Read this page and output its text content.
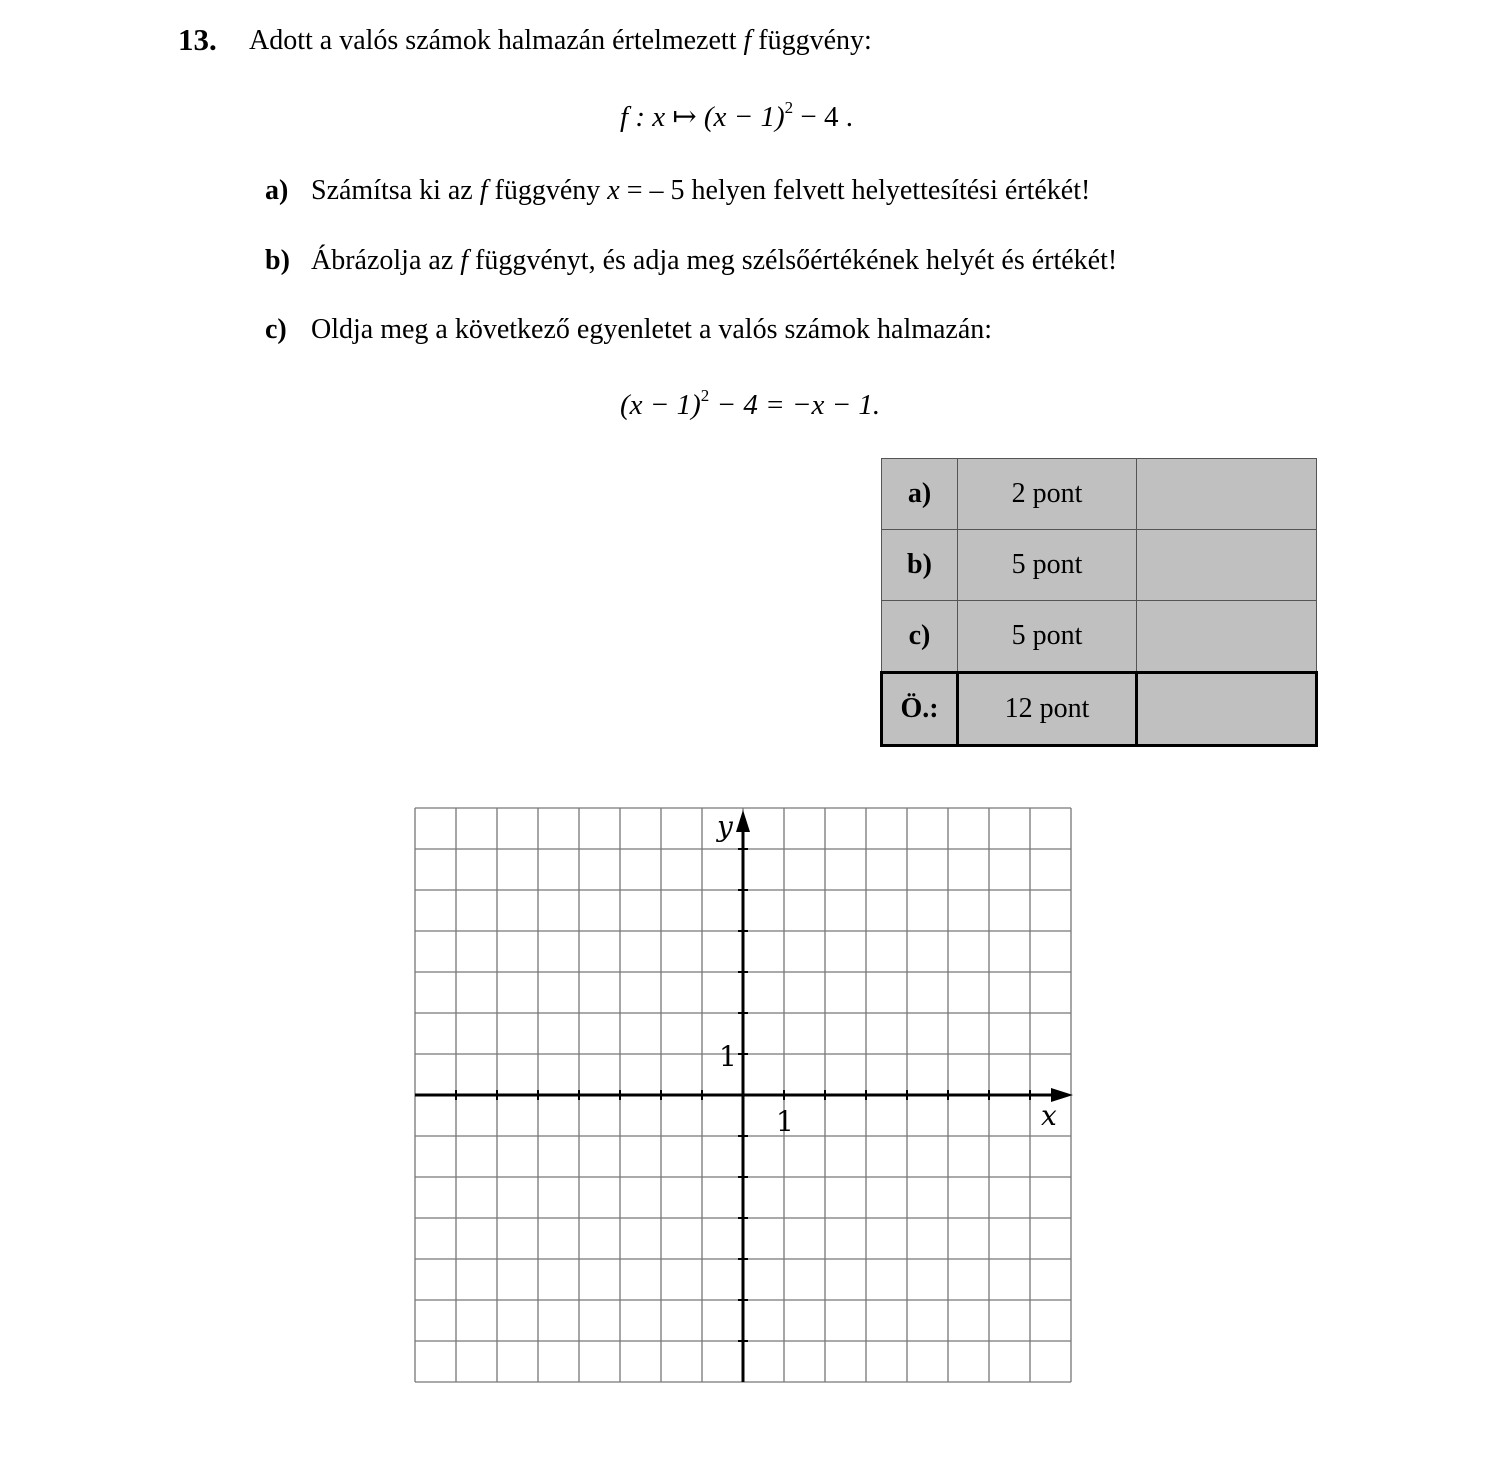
13. Adott a valós számok halmazán értelmezett f függvény:
f : x ↦ $(x - 1)^2 - 4$ .
a) Számítsa ki az f függvény x = – 5 helyen felvett helyettesítési értékét!
b) Ábrázolja az f függvényt, és adja meg szélsőértékének helyét és értékét!
c) Oldja meg a következő egyenletet a valós számok halmazán:
$(x - 1)^2 - 4 = -x - 1$.
a)	2 pont	
b)	5 pont	
c)	5 pont	
Ö.:	12 pont	
x
y
1
1
